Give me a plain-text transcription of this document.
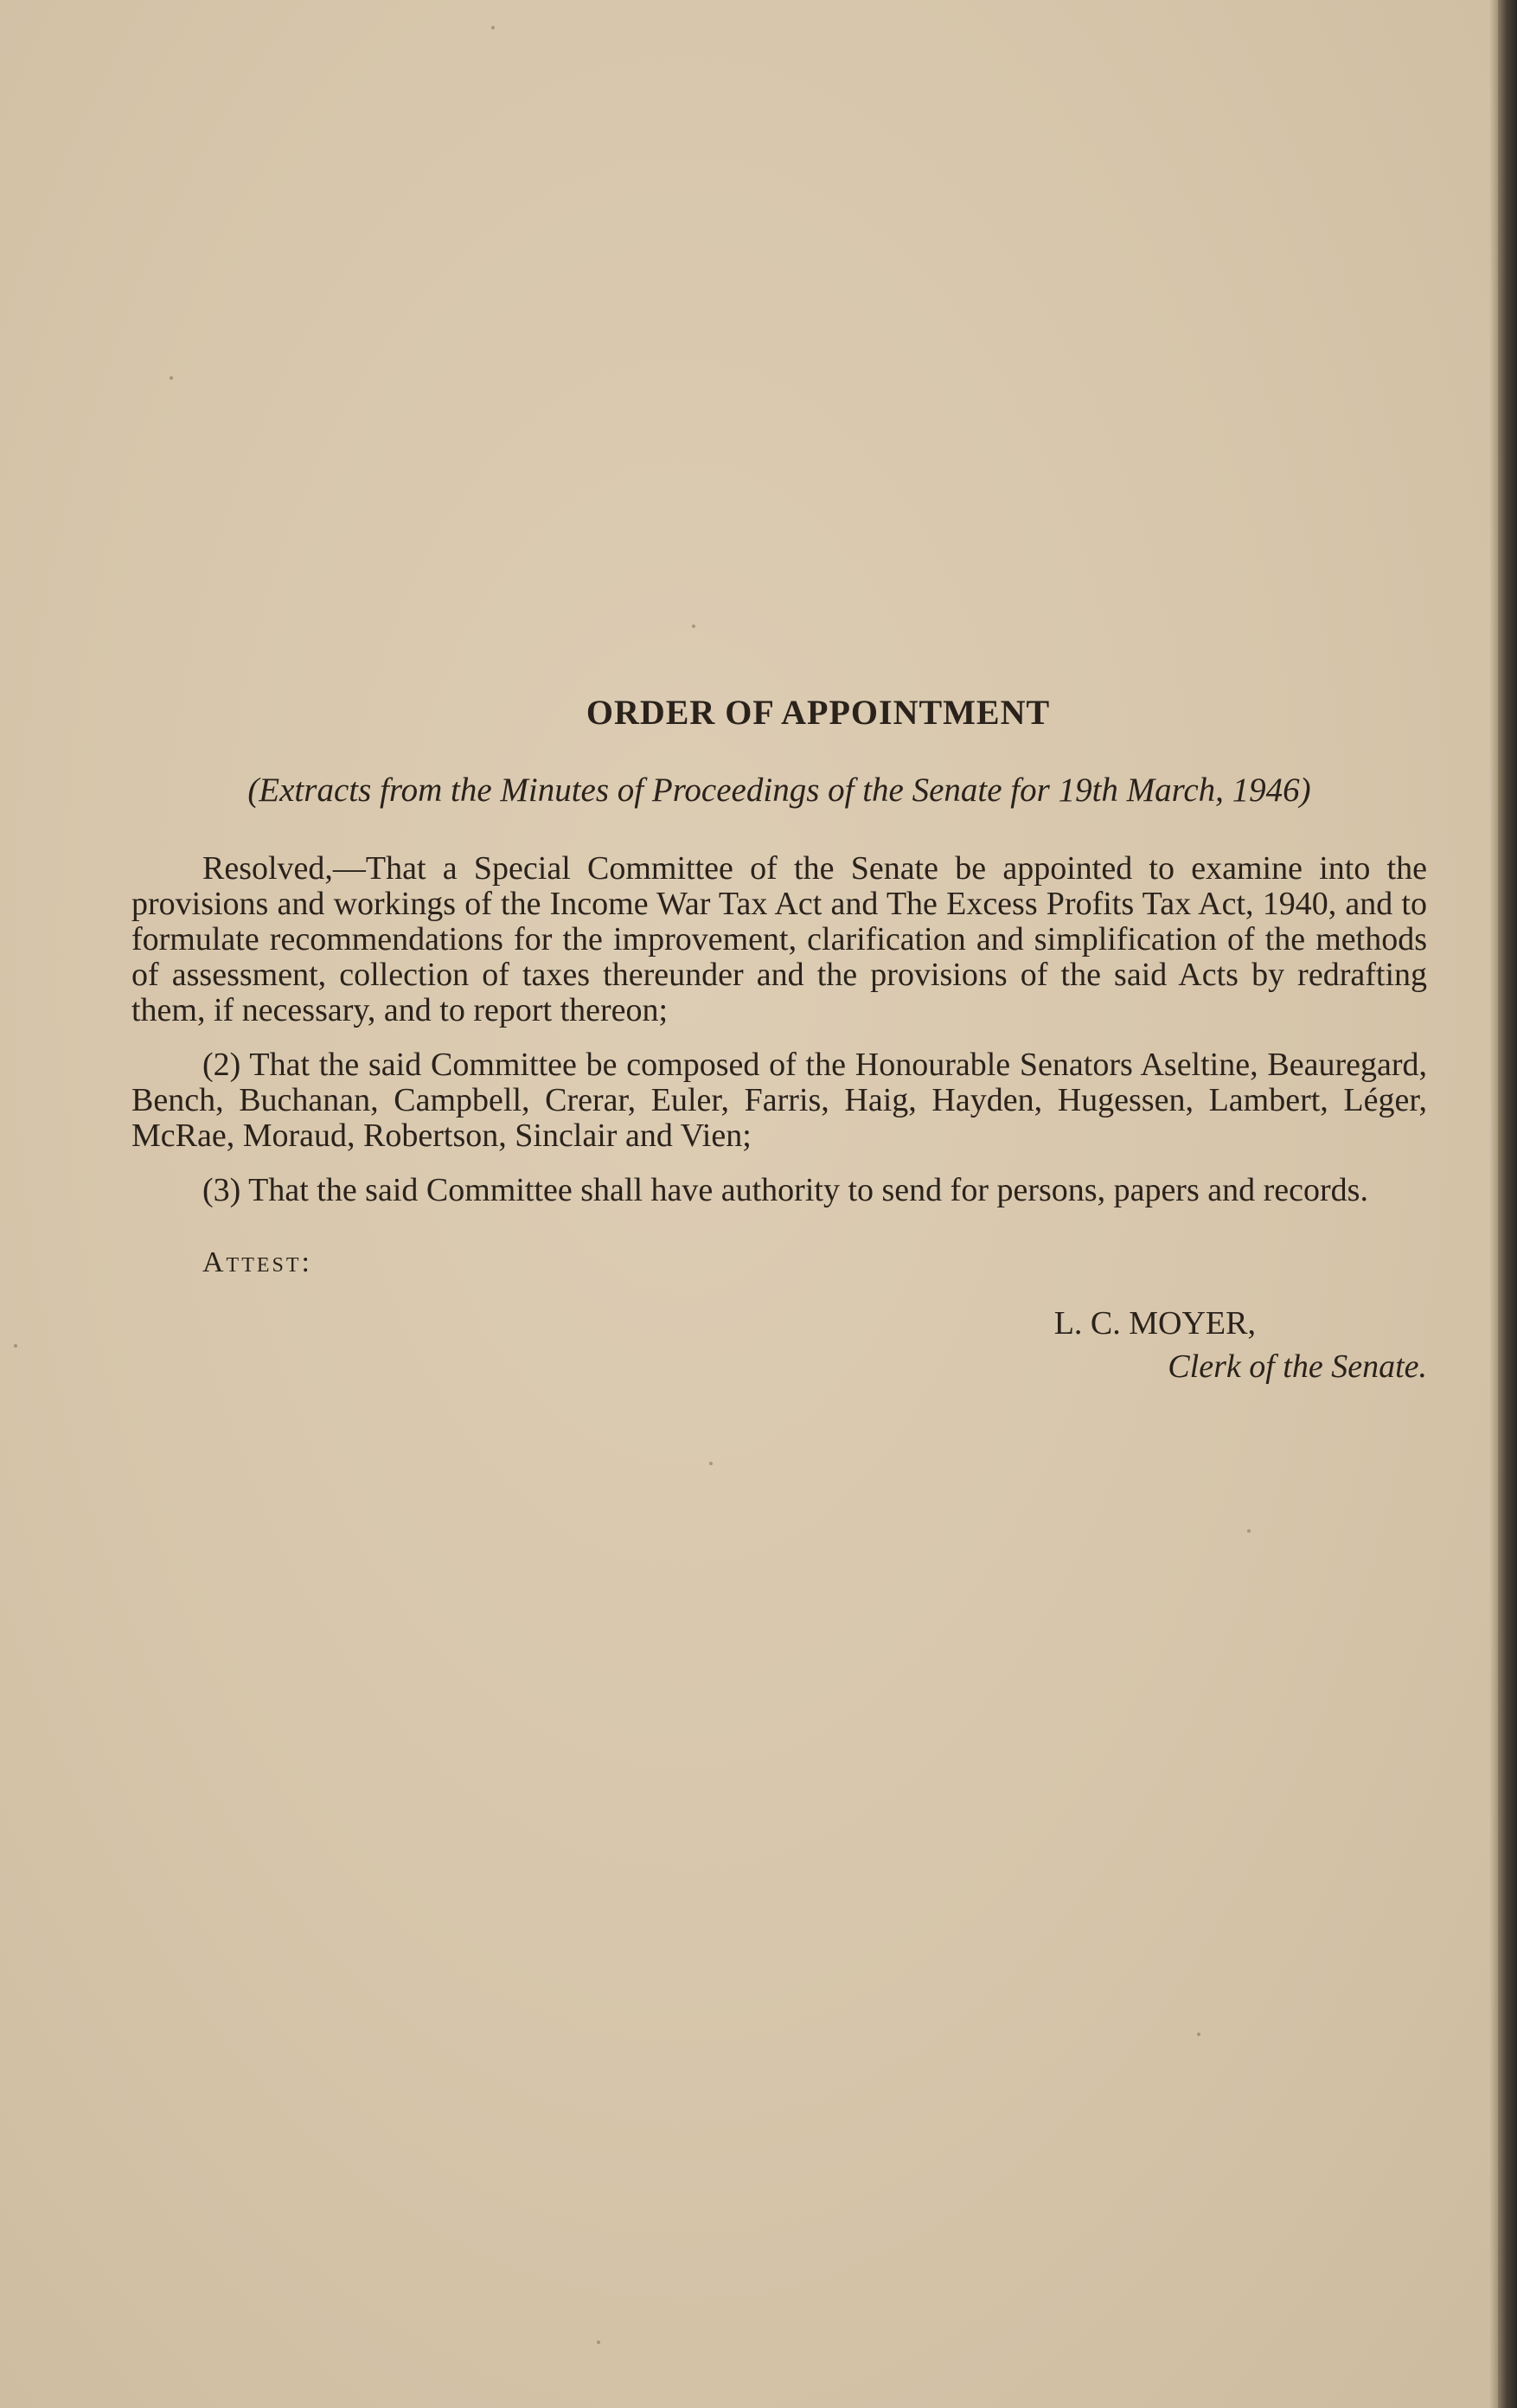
ORDER OF APPOINTMENT

(Extracts from the Minutes of Proceedings of the Senate for 19th March, 1946)

Resolved,—That a Special Committee of the Senate be appointed to examine into the provisions and workings of the Income War Tax Act and The Excess Profits Tax Act, 1940, and to formulate recommendations for the improvement, clarification and simplification of the methods of assessment, collection of taxes thereunder and the provisions of the said Acts by redrafting them, if necessary, and to report thereon;

(2) That the said Committee be composed of the Honourable Senators Aseltine, Beauregard, Bench, Buchanan, Campbell, Crerar, Euler, Farris, Haig, Hayden, Hugessen, Lambert, Léger, McRae, Moraud, Robertson, Sinclair and Vien;

(3) That the said Committee shall have authority to send for persons, papers and records.

Attest:
L. C. MOYER,
Clerk of the Senate.
